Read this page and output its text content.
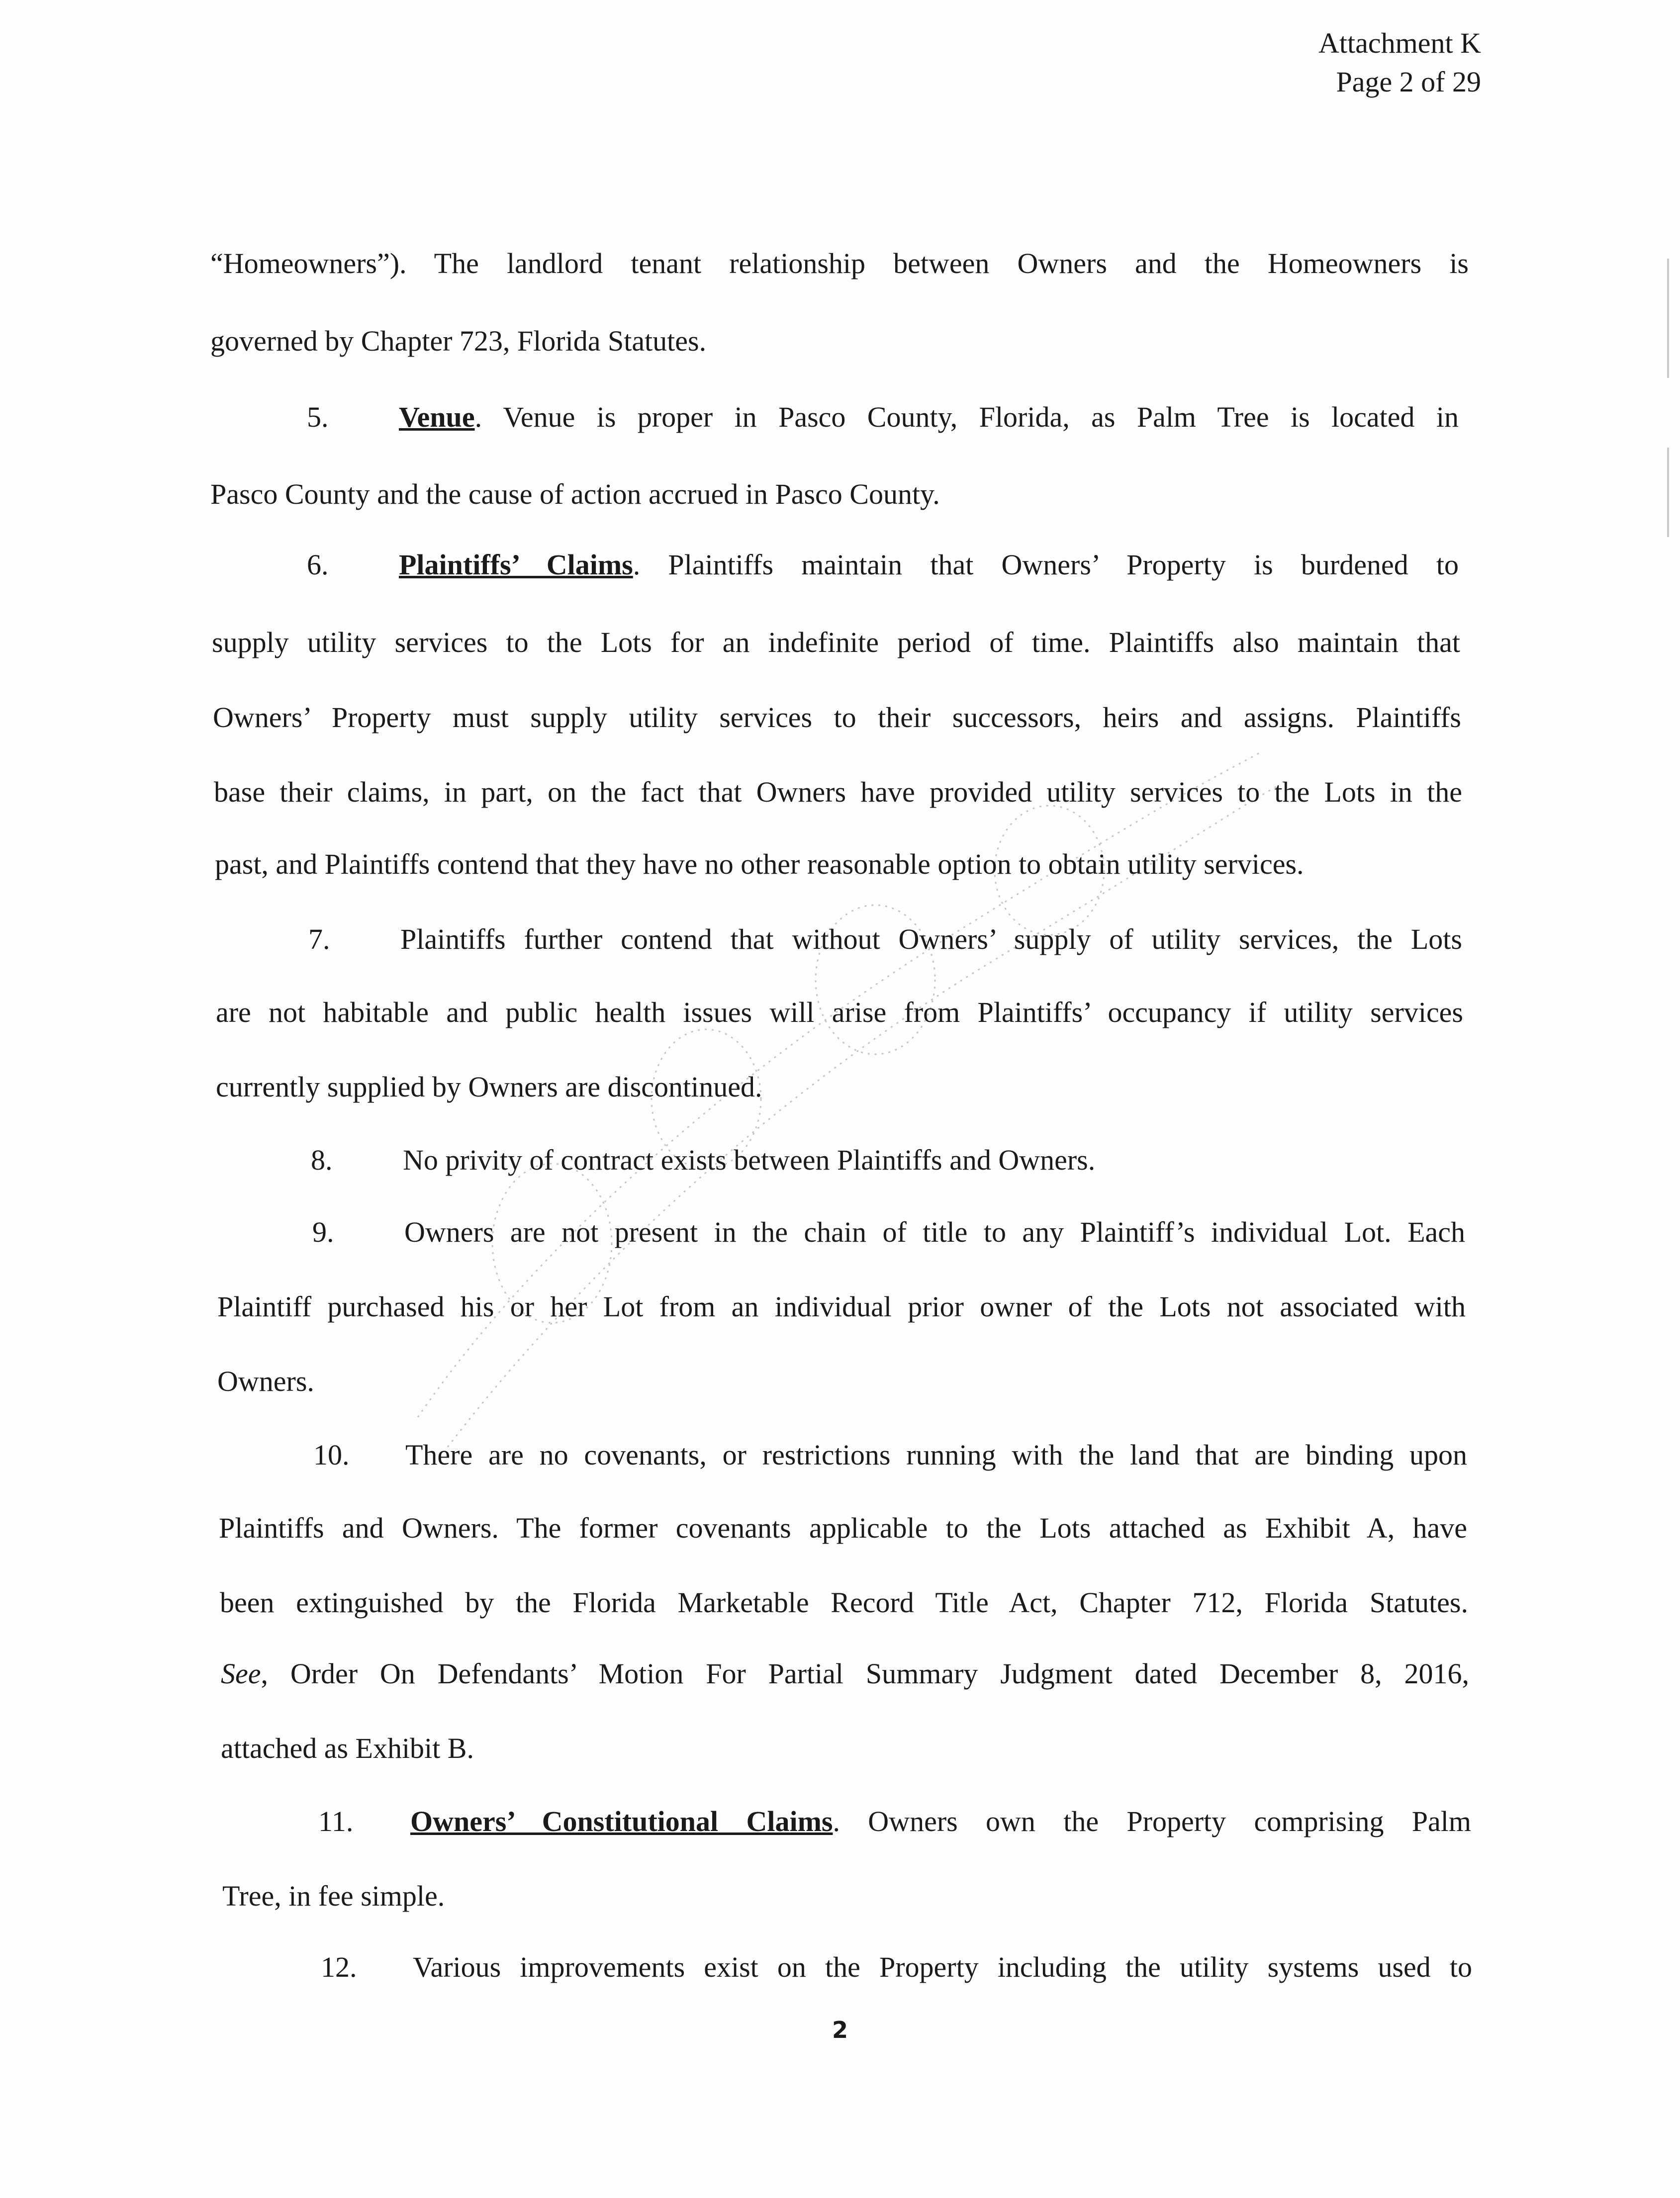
Attachment K
Page 2 of 29
“Homeowners”). The landlord tenant relationship between Owners and the Homeowners is
governed by Chapter 723, Florida Statutes.
5. Venue. Venue is proper in Pasco County, Florida, as Palm Tree is located in
Pasco County and the cause of action accrued in Pasco County.
6. Plaintiffs’ Claims. Plaintiffs maintain that Owners’ Property is burdened to
supply utility services to the Lots for an indefinite period of time. Plaintiffs also maintain that
Owners’ Property must supply utility services to their successors, heirs and assigns. Plaintiffs
base their claims, in part, on the fact that Owners have provided utility services to the Lots in the
past, and Plaintiffs contend that they have no other reasonable option to obtain utility services.
7. Plaintiffs further contend that without Owners’ supply of utility services, the Lots
are not habitable and public health issues will arise from Plaintiffs’ occupancy if utility services
currently supplied by Owners are discontinued.
8. No privity of contract exists between Plaintiffs and Owners.
9. Owners are not present in the chain of title to any Plaintiff’s individual Lot. Each
Plaintiff purchased his or her Lot from an individual prior owner of the Lots not associated with
Owners.
10. There are no covenants, or restrictions running with the land that are binding upon
Plaintiffs and Owners. The former covenants applicable to the Lots attached as Exhibit A, have
been extinguished by the Florida Marketable Record Title Act, Chapter 712, Florida Statutes.
See, Order On Defendants’ Motion For Partial Summary Judgment dated December 8, 2016,
attached as Exhibit B.
11. Owners’ Constitutional Claims. Owners own the Property comprising Palm
Tree, in fee simple.
12. Various improvements exist on the Property including the utility systems used to
2
